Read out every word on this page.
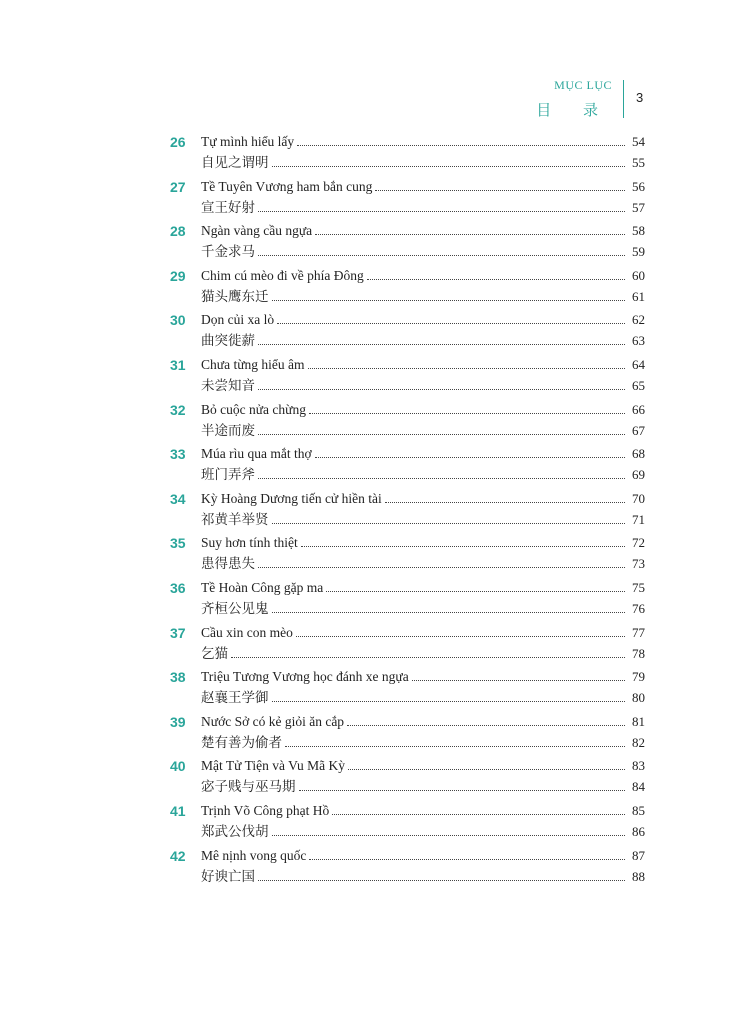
MỤC LỤC
目 录
3
26	Tự mình hiểu lấy	54
自见之谓明	55
27	Tề Tuyên Vương ham bắn cung	56
宣王好射	57
28	Ngàn vàng cầu ngựa	58
千金求马	59
29	Chim cú mèo đi về phía Đông	60
猫头鹰东迁	61
30	Dọn củi xa lò	62
曲突徙薪	63
31	Chưa từng hiểu âm	64
未尝知音	65
32	Bỏ cuộc nửa chừng	66
半途而废	67
33	Múa rìu qua mắt thợ	68
班门弄斧	69
34	Kỳ Hoàng Dương tiến cử hiền tài	70
祁黄羊举贤	71
35	Suy hơn tính thiệt	72
患得患失	73
36	Tề Hoàn Công gặp ma	75
齐桓公见鬼	76
37	Cầu xin con mèo	77
乞猫	78
38	Triệu Tương Vương học đánh xe ngựa	79
赵襄王学御	80
39	Nước Sở có kẻ giỏi ăn cắp	81
楚有善为偷者	82
40	Mật Tử Tiện và Vu Mã Kỳ	83
宓子贱与巫马期	84
41	Trịnh Võ Công phạt Hồ	85
郑武公伐胡	86
42	Mê nịnh vong quốc	87
好谀亡国	88
